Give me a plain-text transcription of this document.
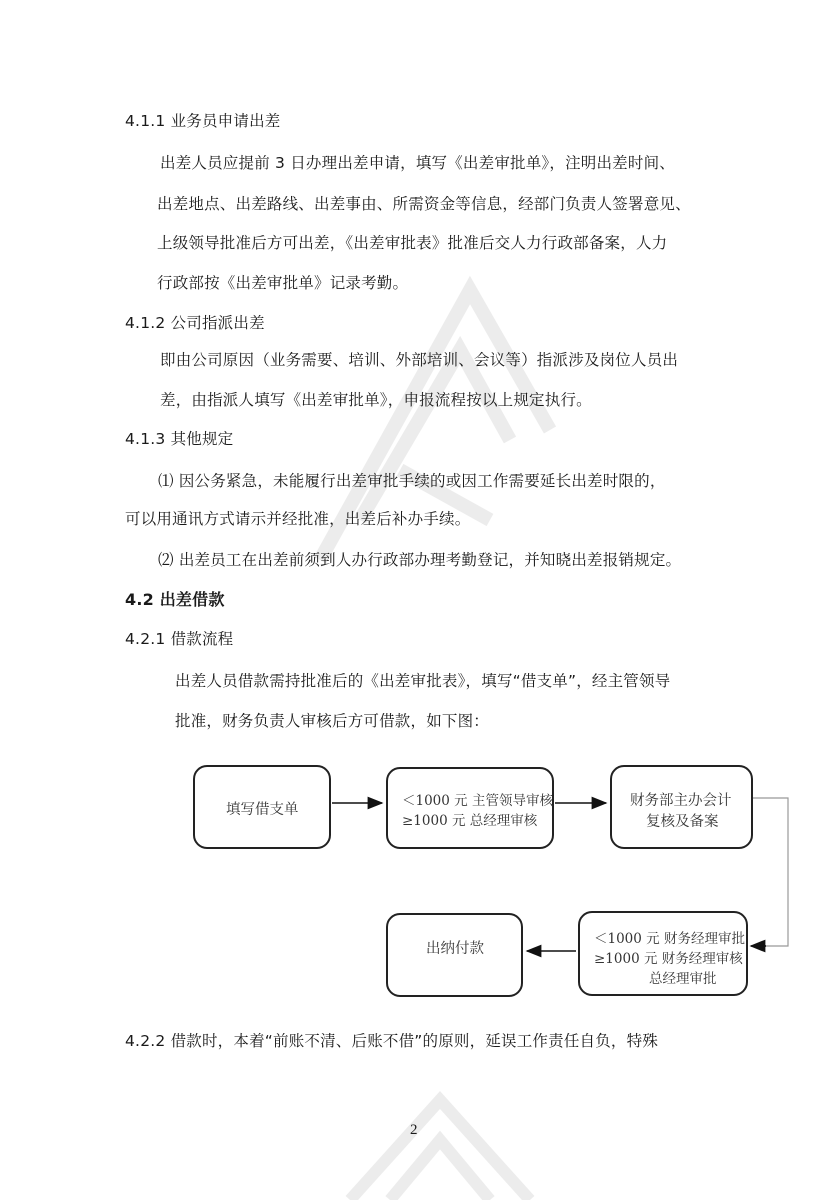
4.1.1 业务员申请出差
出差人员应提前 3 日办理出差申请，填写《出差审批单》，注明出差时间、
出差地点、出差路线、出差事由、所需资金等信息，经部门负责人签署意见、
上级领导批准后方可出差，《出差审批表》批准后交人力行政部备案，人力
行政部按《出差审批单》记录考勤。
4.1.2 公司指派出差
即由公司原因（业务需要、培训、外部培训、会议等）指派涉及岗位人员出
差，由指派人填写《出差审批单》，申报流程按以上规定执行。
4.1.3 其他规定
⑴ 因公务紧急，未能履行出差审批手续的或因工作需要延长出差时限的，
可以用通讯方式请示并经批准，出差后补办手续。
⑵ 出差员工在出差前须到人办行政部办理考勤登记，并知晓出差报销规定。
4.2 出差借款
4.2.1 借款流程
出差人员借款需持批准后的《出差审批表》，填写“借支单”，经主管领导
批准，财务负责人审核后方可借款，如下图：
填写借支单
＜1000 元 主管领导审核
≥1000 元 总经理审核
财务部主办会计
复核及备案
＜1000 元 财务经理审批
≥1000 元 财务经理审核
总经理审批
出纳付款
4.2.2 借款时，本着“前账不清、后账不借”的原则，延误工作责任自负，特殊
2
